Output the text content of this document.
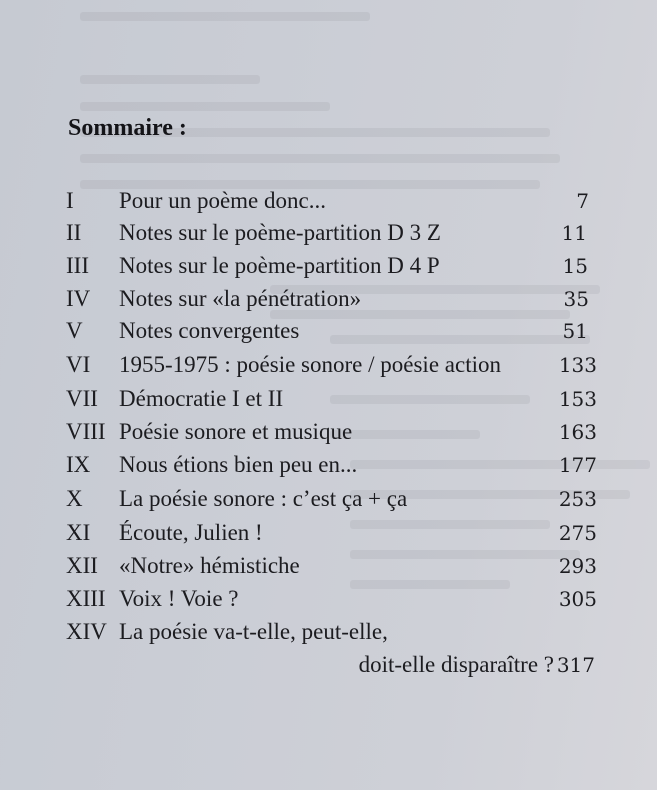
Sommaire :
I Pour un poème donc...	7
II Notes sur le poème-partition D 3 Z	11
III Notes sur le poème-partition D 4 P	15
IV Notes sur «la pénétration»	35
V Notes convergentes	51
VI 1955-1975 : poésie sonore / poésie action	133
VII Démocratie I et II	153
VIII Poésie sonore et musique	163
IX Nous étions bien peu en...	177
X La poésie sonore : c’est ça + ça	253
XI Écoute, Julien !	275
XII «Notre» hémistiche	293
XIII Voix ! Voie ?	305
XIV La poésie va-t-elle, peut-elle,
doit-elle disparaître ? 317
